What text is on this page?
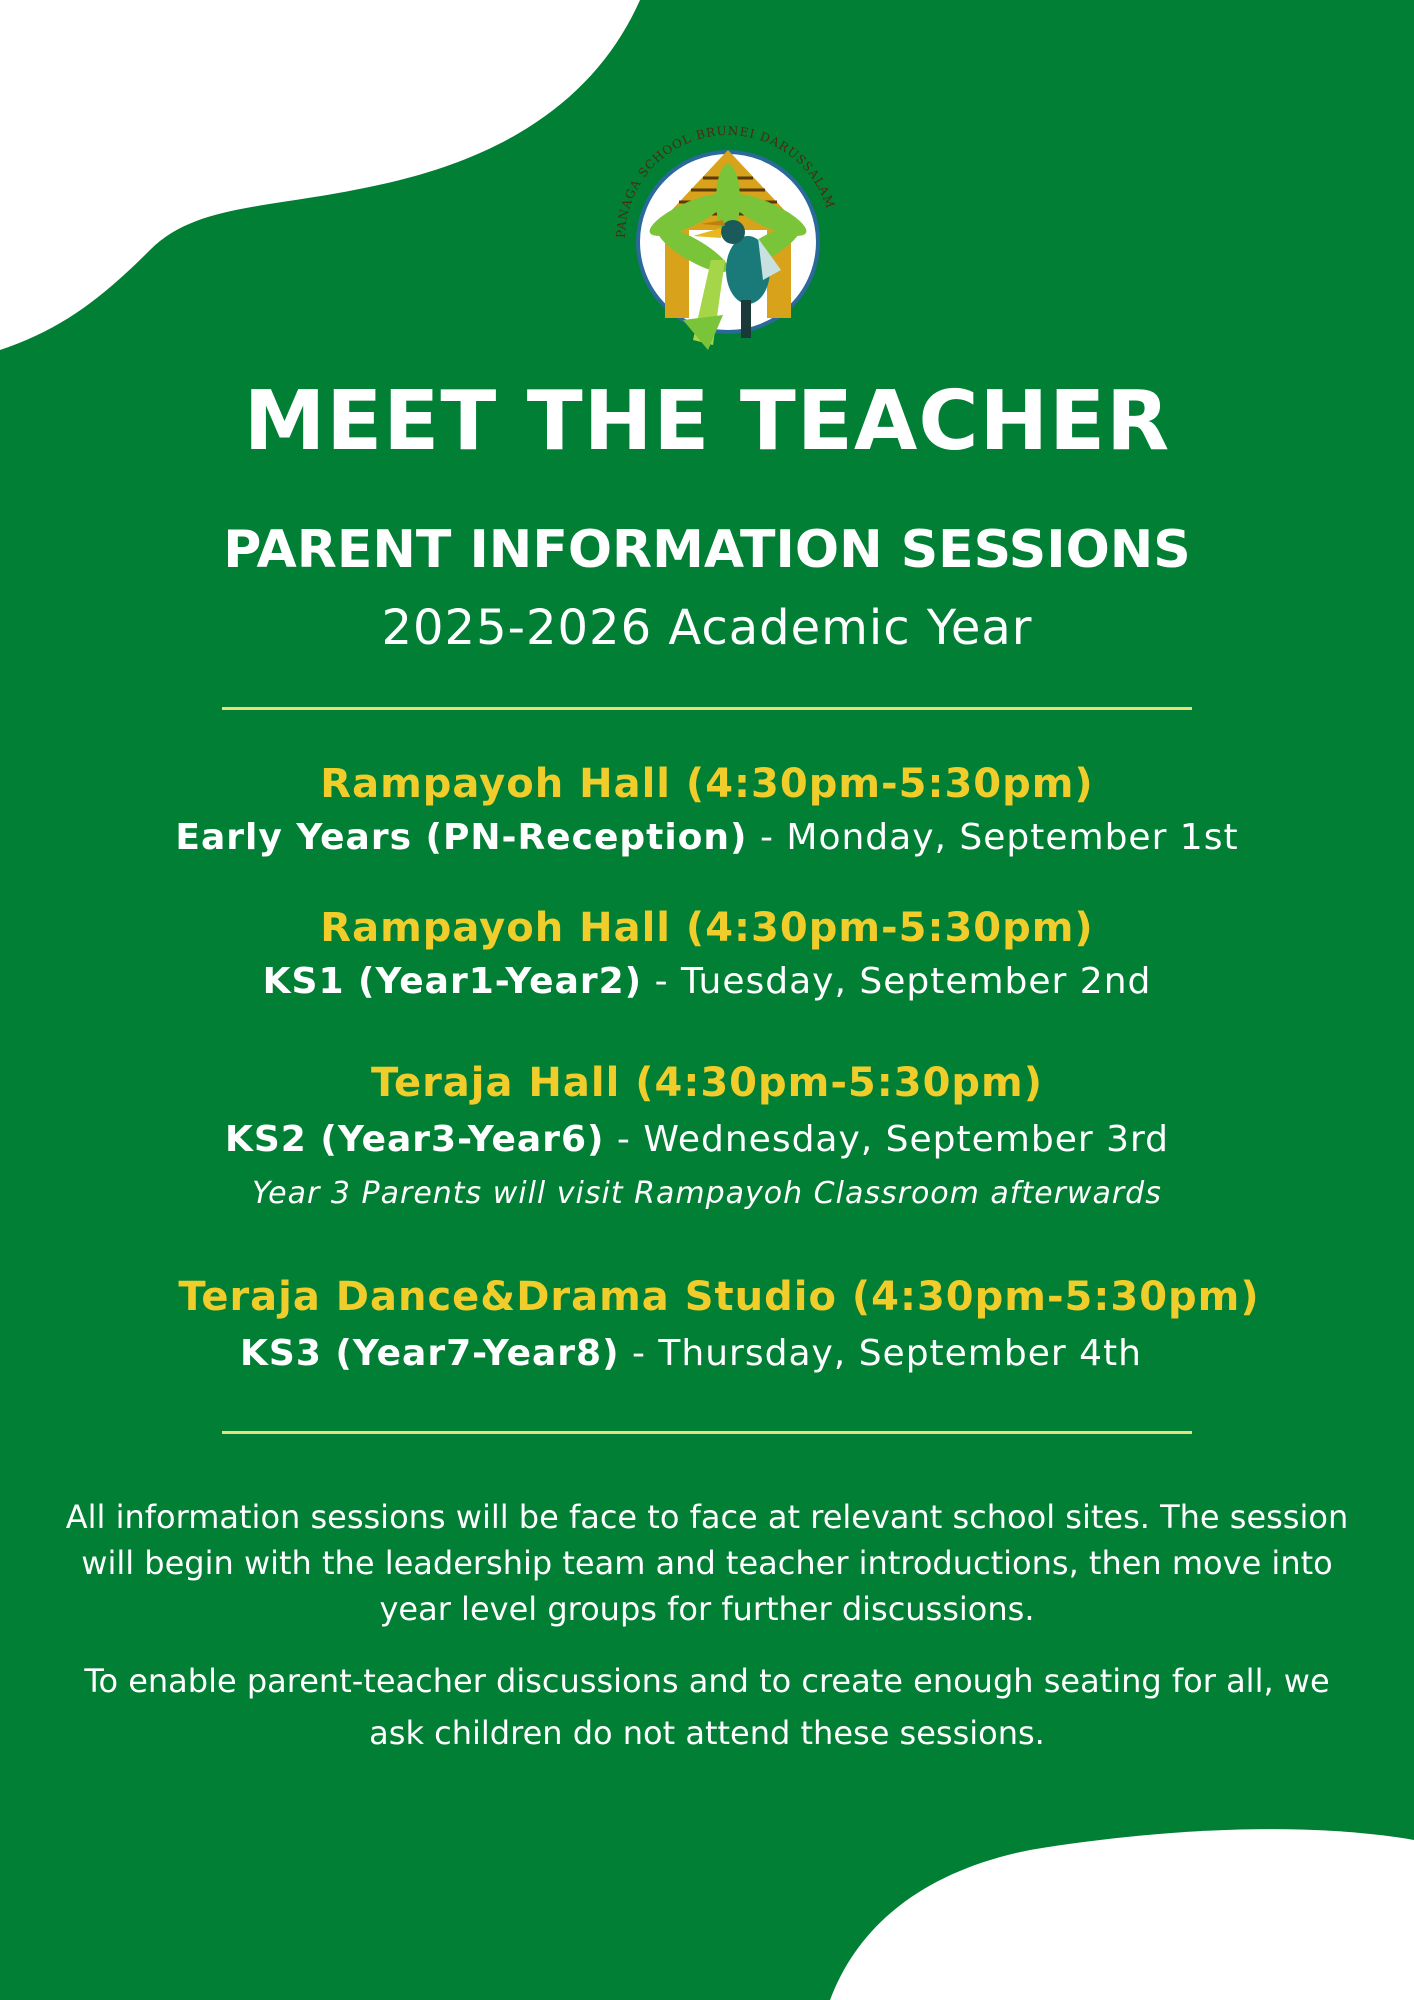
PANAGA SCHOOL BRUNEI DARUSSALAM
MEET THE TEACHER
PARENT INFORMATION SESSIONS
2025-2026 Academic Year
Rampayoh Hall (4:30pm-5:30pm)
Early Years (PN-Reception) - Monday, September 1st
Rampayoh Hall (4:30pm-5:30pm)
KS1 (Year1-Year2) - Tuesday, September 2nd
Teraja Hall (4:30pm-5:30pm)
KS2 (Year3-Year6) - Wednesday, September 3rd
Year 3 Parents will visit Rampayoh Classroom afterwards
Teraja Dance&Drama Studio (4:30pm-5:30pm)
KS3 (Year7-Year8) - Thursday, September 4th
All information sessions will be face to face at relevant school sites. The session will begin with the leadership team and teacher introductions, then move into year level groups for further discussions.
To enable parent-teacher discussions and to create enough seating for all, we ask children do not attend these sessions.
